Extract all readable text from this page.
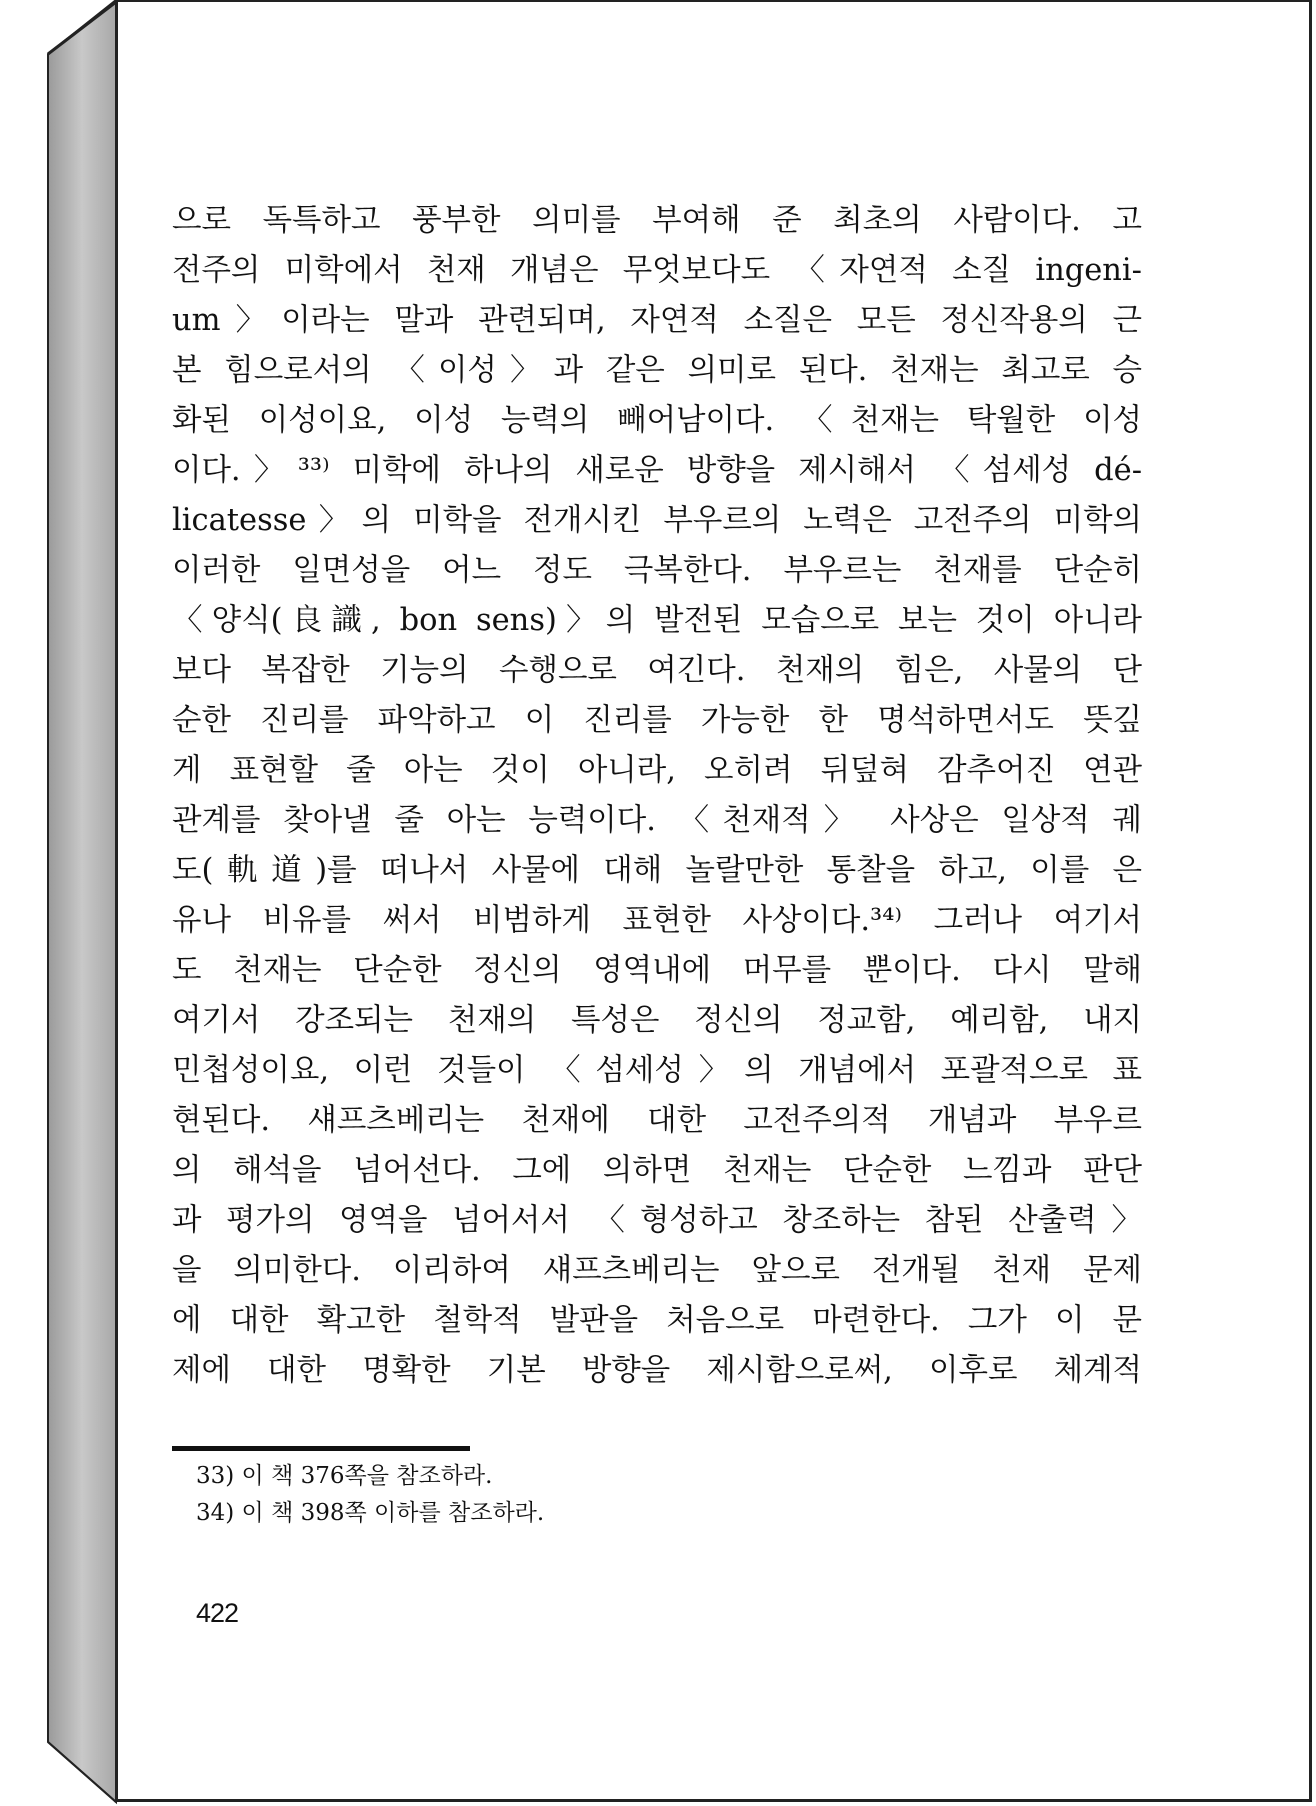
으로 독특하고 풍부한 의미를 부여해 준 최초의 사람이다. 고
전주의 미학에서 천재 개념은 무엇보다도 〈자연적 소질 ingeni-
um〉이라는 말과 관련되며, 자연적 소질은 모든 정신작용의 근
본 힘으로서의 〈이성〉과 같은 의미로 된다. 천재는 최고로 승
화된 이성이요, 이성 능력의 빼어남이다. 〈천재는 탁월한 이성
이다.〉³³⁾ 미학에 하나의 새로운 방향을 제시해서 〈섬세성 dé-
licatesse〉의 미학을 전개시킨 부우르의 노력은 고전주의 미학의
이러한 일면성을 어느 정도 극복한다. 부우르는 천재를 단순히
〈양식(良識, bon sens)〉의 발전된 모습으로 보는 것이 아니라
보다 복잡한 기능의 수행으로 여긴다. 천재의 힘은, 사물의 단
순한 진리를 파악하고 이 진리를 가능한 한 명석하면서도 뜻깊
게 표현할 줄 아는 것이 아니라, 오히려 뒤덮혀 감추어진 연관
관계를 찾아낼 줄 아는 능력이다. 〈천재적〉 사상은 일상적 궤
도(軌道)를 떠나서 사물에 대해 놀랄만한 통찰을 하고, 이를 은
유나 비유를 써서 비범하게 표현한 사상이다.³⁴⁾ 그러나 여기서
도 천재는 단순한 정신의 영역내에 머무를 뿐이다. 다시 말해
여기서 강조되는 천재의 특성은 정신의 정교함, 예리함, 내지
민첩성이요, 이런 것들이 〈섬세성〉의 개념에서 포괄적으로 표
현된다. 섀프츠베리는 천재에 대한 고전주의적 개념과 부우르
의 해석을 넘어선다. 그에 의하면 천재는 단순한 느낌과 판단
과 평가의 영역을 넘어서서 〈형성하고 창조하는 참된 산출력〉
을 의미한다. 이리하여 섀프츠베리는 앞으로 전개될 천재 문제
에 대한 확고한 철학적 발판을 처음으로 마련한다. 그가 이 문
제에 대한 명확한 기본 방향을 제시함으로써, 이후로 체계적
33) 이 책 376쪽을 참조하라.
34) 이 책 398쪽 이하를 참조하라.
422
